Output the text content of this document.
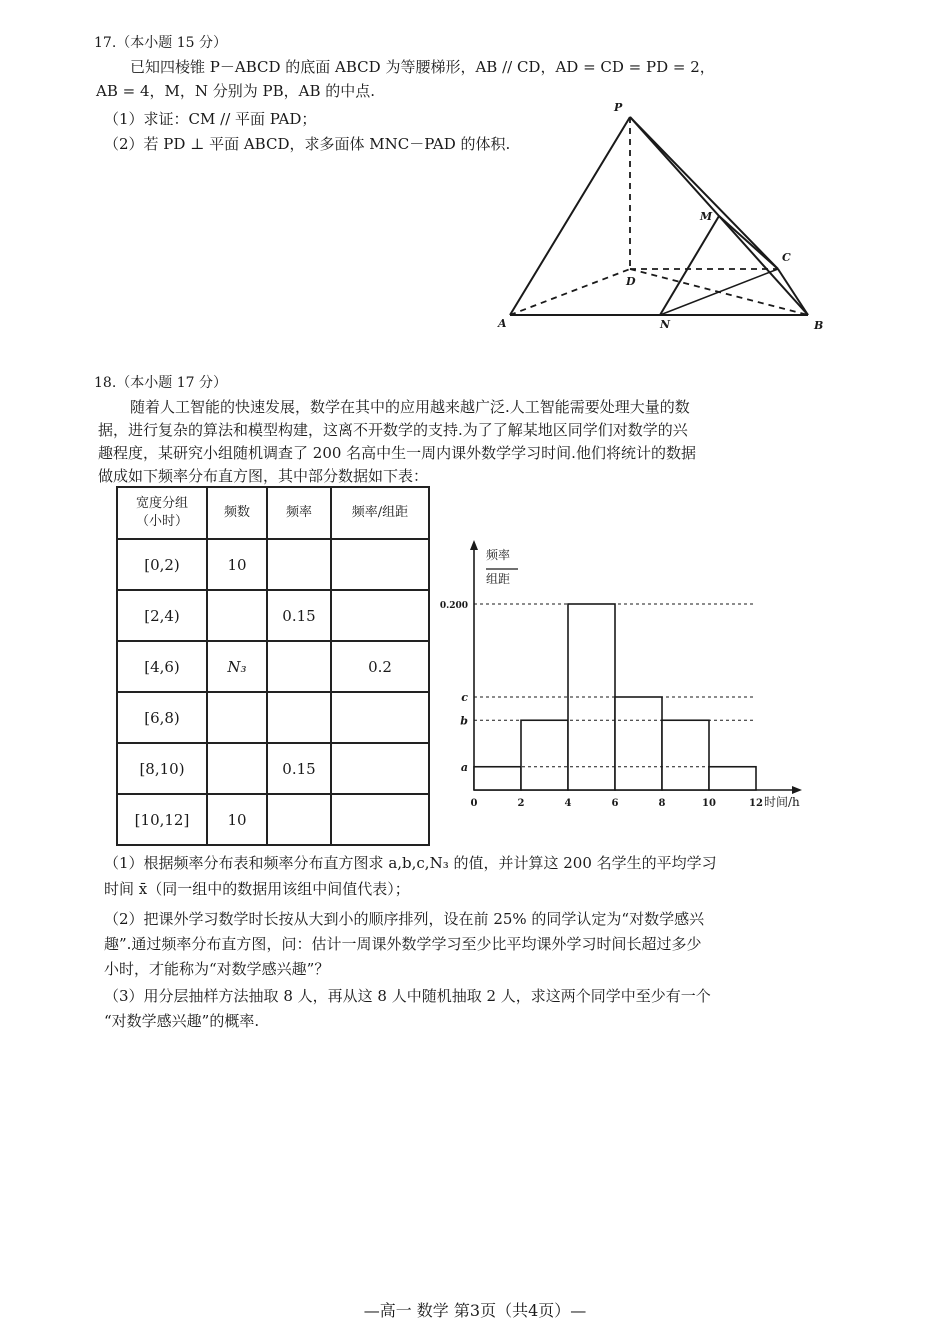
17.（本小题 15 分）
已知四棱锥 P－ABCD 的底面 ABCD 为等腰梯形，AB // CD，AD = CD = PD = 2，
AB = 4，M，N 分别为 PB，AB 的中点.
（1）求证：CM // 平面 PAD；
（2）若 PD ⊥ 平面 ABCD，求多面体 MNC－PAD 的体积.
P
M
C
D
A	N	B
18.（本小题 17 分）
随着人工智能的快速发展，数学在其中的应用越来越广泛.人工智能需要处理大量的数
据，进行复杂的算法和模型构建，这离不开数学的支持.为了了解某地区同学们对数学的兴
趣程度，某研究小组随机调查了 200 名高中生一周内课外数学学习时间.他们将统计的数据
做成如下频率分布直方图，其中部分数据如下表：
宽度分组
（小时）	频数	频率	频率/组距
[0,2)	10		
[2,4)		0.15	
[4,6)	N₃		0.2
[6,8)			
[8,10)		0.15	
[10,12]	10		
频率
组距
a
b
c
0.200
0	2	4	6	8	10	12 时间/h
（1）根据频率分布表和频率分布直方图求 a,b,c,N₃ 的值，并计算这 200 名学生的平均学习
时间 x̄（同一组中的数据用该组中间值代表）；
（2）把课外学习数学时长按从大到小的顺序排列，设在前 25% 的同学认定为“对数学感兴
趣”.通过频率分布直方图，问：估计一周课外数学学习至少比平均课外学习时间长超过多少
小时，才能称为“对数学感兴趣”？
（3）用分层抽样方法抽取 8 人，再从这 8 人中随机抽取 2 人，求这两个同学中至少有一个
“对数学感兴趣”的概率.
—高一 数学 第3页（共4页）—
